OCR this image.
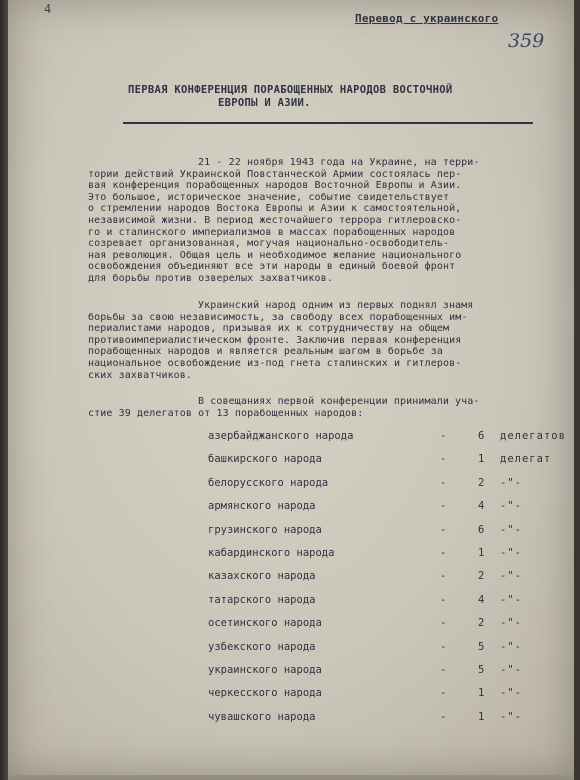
4
Перевод с украинского
359
ПЕРВАЯ КОНФЕРЕНЦИЯ ПОРАБОЩЕННЫХ НАРОДОВ ВОСТОЧНОЙ
ЕВРОПЫ И АЗИИ.
21 - 22 ноября 1943 года на Украине, на терри-
тории действий Украинской Повстанческой Армии состоялась пер-
вая конференция порабощенных народов Восточной Европы и Азии.
Это большое, историческое значение, событие свидетельствует
о стремлении народов Востока Европы и Азии к самостоятельной,
независимой жизни. В период жесточайшего террора гитлеровско-
го и сталинского империализмов в массах порабощенных народов
созревает организованная, могучая национально-освободитель-
ная революция. Общая цель и необходимое желание национального
освобождения объединяют все эти народы в единый боевой фронт
для борьбы против озверелых захватчиков.
Украинский народ одним из первых поднял знамя
борьбы за свою независимость, за свободу всех порабощенных им-
периалистами народов, призывая их к сотрудничеству на общем
противоимпериалистическом фронте. Заключив первая конференция
порабощенных народов и является реальным шагом в борьбе за
национальное освобождение из-под гнета сталинских и гитлеров-
ских захватчиков.
В совещаниях первой конференции принимали уча-
стие 39 делегатов от 13 порабощенных народов:
азербайджанского народа	-	6 делегатов
башкирского народа	-	1 делегат
белорусского народа	-	2 -"-
армянского народа	-	4 -"-
грузинского народа	-	6 -"-
кабардинского народа	-	1 -"-
казахского народа	-	2 -"-
татарского народа	-	4 -"-
осетинского народа	-	2 -"-
узбекского народа	-	5 -"-
украинского народа	-	5 -"-
черкесского народа	-	1 -"-
чувашского народа	-	1 -"-
